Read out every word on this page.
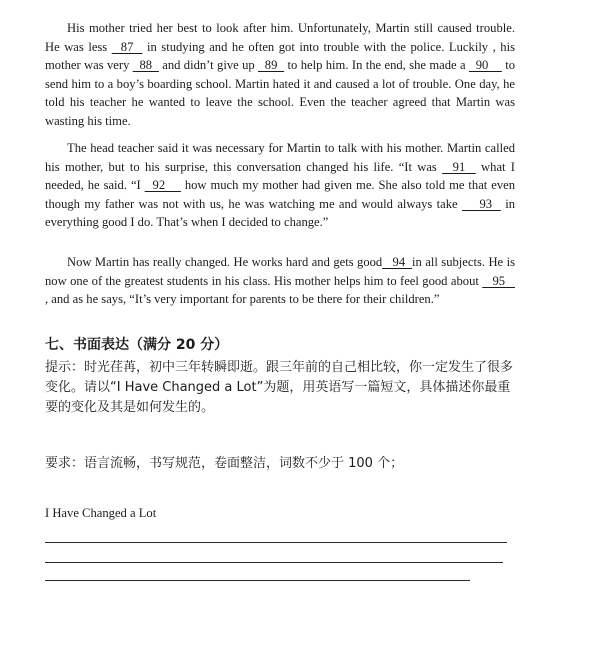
His mother tried her best to look after him. Unfortunately, Martin still caused trouble. He was less   87   in studying and he often got into trouble with the police. Luckily , his mother was very   88   and didn’t give up   89   to help him. In the end, she made a   90     to send him to a boy’s boarding school. Martin hated it and caused a lot of trouble. One day, he told his teacher he wanted to leave the school. Even the teacher agreed that Martin was wasting his time.

The head teacher said it was necessary for Martin to talk with his mother. Martin called his mother, but to his surprise, this conversation changed his life. “It was   91   what I needed, he said. “I   92     how much my mother had given me. She also told me that even though my father was not with us, he was watching me and would always take     93   in everything good I do. That’s when I decided to change.”

Now Martin has really changed. He works hard and gets good   94  in all subjects. He is now one of the greatest students in his class. His mother helps him to feel good about    95    , and as he says, “It’s very important for parents to be there for their children.”

七、书面表达（满分 20 分）
提示：时光荏苒，初中三年转瞬即逝。跟三年前的自己相比较，你一定发生了很多变化。请以“I Have Changed a Lot”为题，用英语写一篇短文，具体描述你最重要的变化及其是如何发生的。
要求：语言流畅，书写规范，卷面整洁，词数不少于 100 个；
I Have Changed a Lot
